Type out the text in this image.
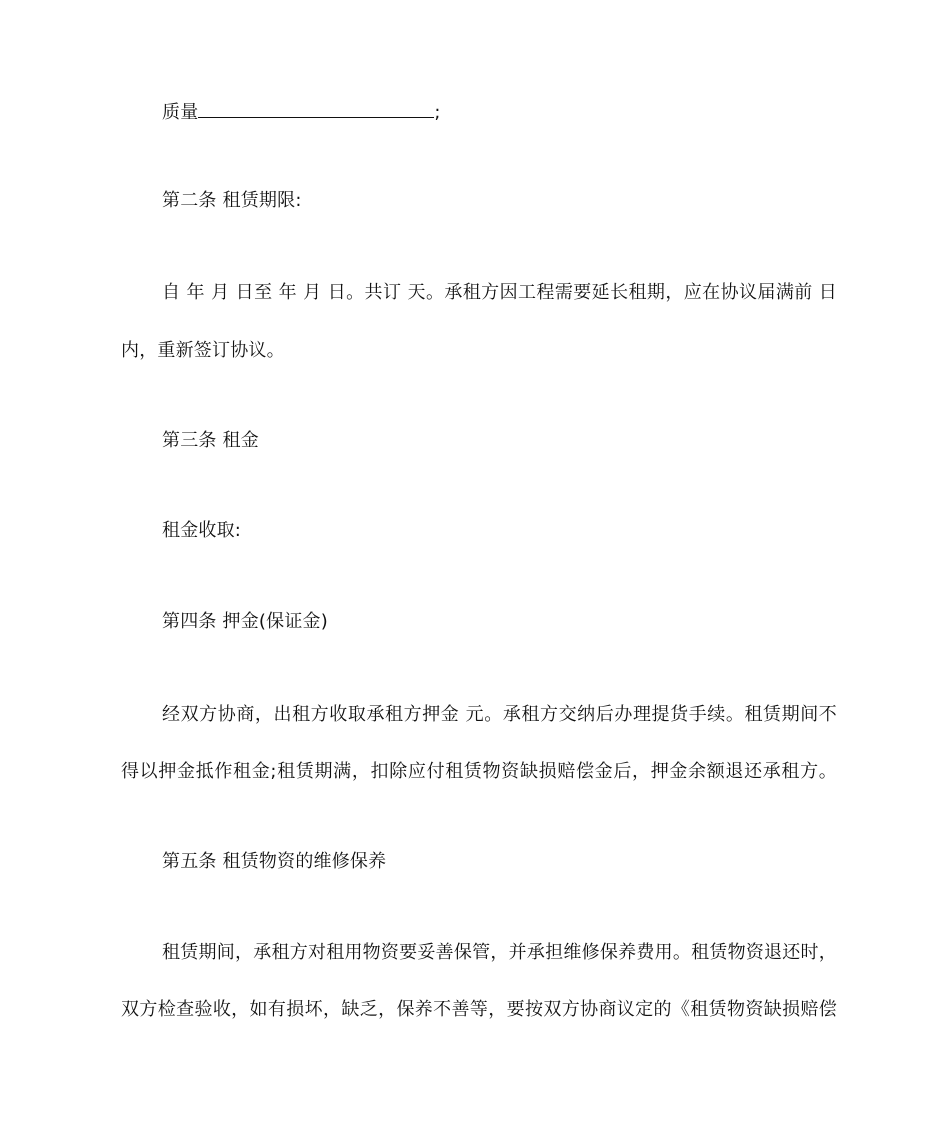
质量	;
第二条 租赁期限:
自 年 月 日至 年 月 日。共订 天。承租方因工程需要延长租期，应在协议届满前 日
内，重新签订协议。
第三条 租金
租金收取:
第四条 押金(保证金)
经双方协商，出租方收取承租方押金 元。承租方交纳后办理提货手续。租赁期间不
得以押金抵作租金;租赁期满，扣除应付租赁物资缺损赔偿金后，押金余额退还承租方。
第五条 租赁物资的维修保养
租赁期间，承租方对租用物资要妥善保管，并承担维修保养费用。租赁物资退还时，
双方检查验收，如有损坏，缺乏，保养不善等，要按双方协商议定的《租赁物资缺损赔偿
